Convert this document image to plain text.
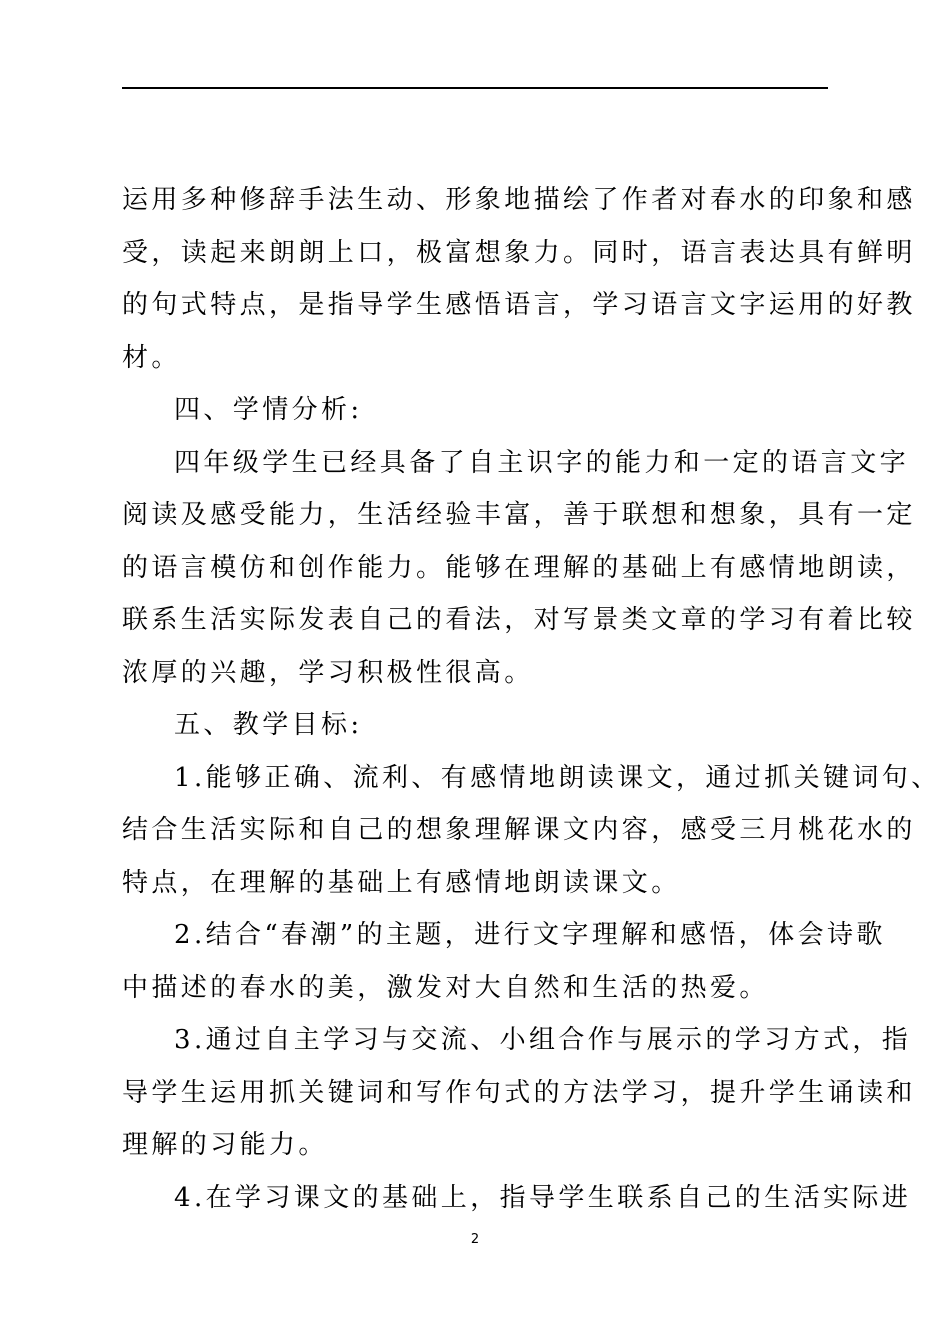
运用多种修辞手法生动、形象地描绘了作者对春水的印象和感
受，读起来朗朗上口，极富想象力。同时，语言表达具有鲜明
的句式特点，是指导学生感悟语言，学习语言文字运用的好教
材。
四、学情分析:
四年级学生已经具备了自主识字的能力和一定的语言文字
阅读及感受能力，生活经验丰富，善于联想和想象，具有一定
的语言模仿和创作能力。能够在理解的基础上有感情地朗读，
联系生活实际发表自己的看法，对写景类文章的学习有着比较
浓厚的兴趣，学习积极性很高。
五、教学目标:
1.能够正确、流利、有感情地朗读课文，通过抓关键词句、
结合生活实际和自己的想象理解课文内容，感受三月桃花水的
特点，在理解的基础上有感情地朗读课文。
2.结合“春潮”的主题，进行文字理解和感悟，体会诗歌
中描述的春水的美，激发对大自然和生活的热爱。
3.通过自主学习与交流、小组合作与展示的学习方式，指
导学生运用抓关键词和写作句式的方法学习，提升学生诵读和
理解的习能力。
4.在学习课文的基础上，指导学生联系自己的生活实际进
2
